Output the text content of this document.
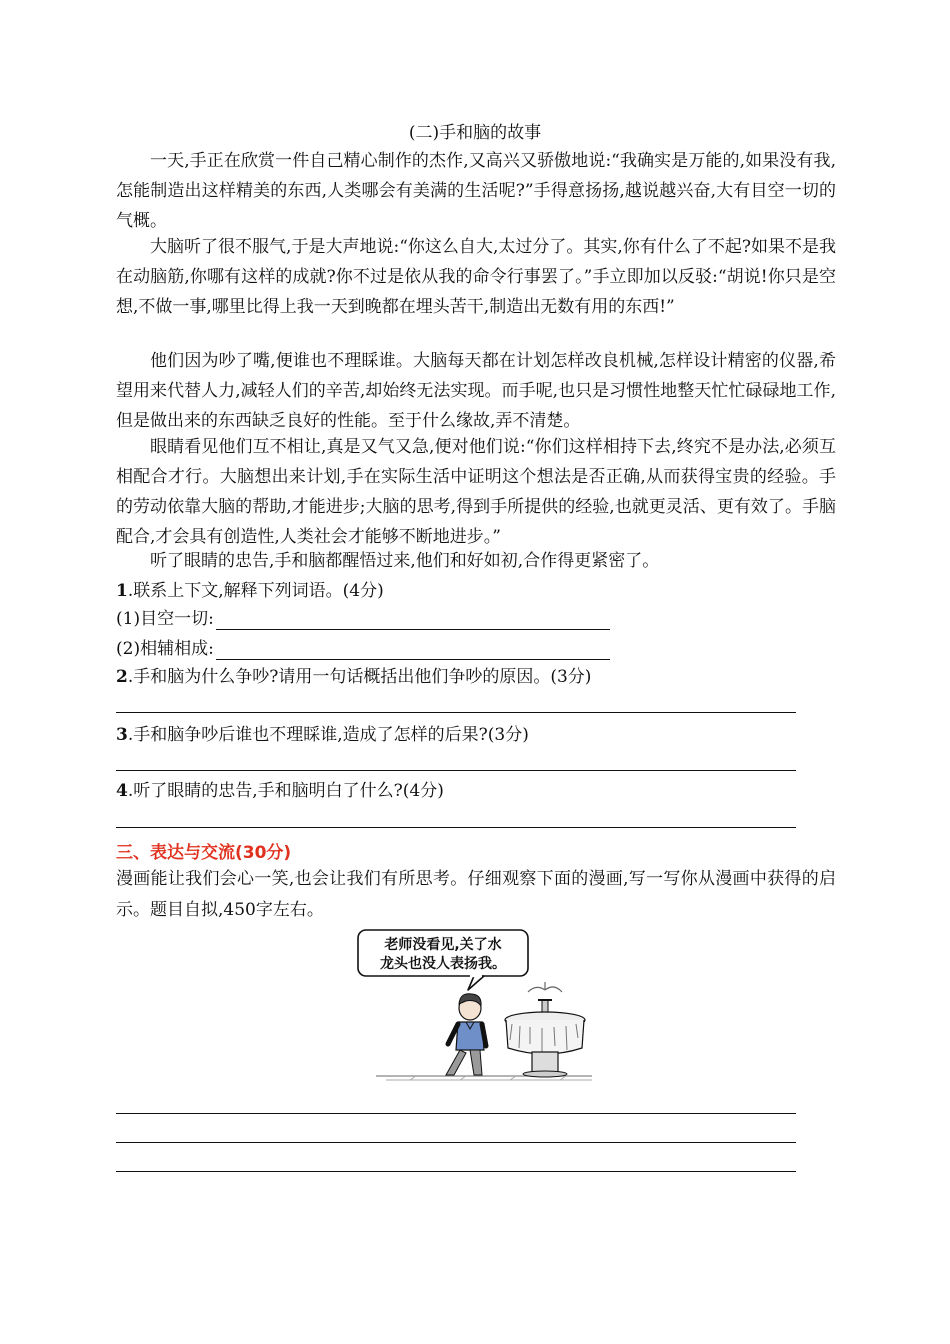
(二)手和脑的故事

一天,手正在欣赏一件自己精心制作的杰作,又高兴又骄傲地说:“我确实是万能的,如果没有我,怎能制造出这样精美的东西,人类哪会有美满的生活呢?”手得意扬扬,越说越兴奋,大有目空一切的气概。

大脑听了很不服气,于是大声地说:“你这么自大,太过分了。其实,你有什么了不起?如果不是我在动脑筋,你哪有这样的成就?你不过是依从我的命令行事罢了。”手立即加以反驳:“胡说!你只是空想,不做一事,哪里比得上我一天到晚都在埋头苦干,制造出无数有用的东西!”

他们因为吵了嘴,便谁也不理睬谁。大脑每天都在计划怎样改良机械,怎样设计精密的仪器,希望用来代替人力,减轻人们的辛苦,却始终无法实现。而手呢,也只是习惯性地整天忙忙碌碌地工作,但是做出来的东西缺乏良好的性能。至于什么缘故,弄不清楚。

眼睛看见他们互不相让,真是又气又急,便对他们说:“你们这样相持下去,终究不是办法,必须互相配合才行。大脑想出来计划,手在实际生活中证明这个想法是否正确,从而获得宝贵的经验。手的劳动依靠大脑的帮助,才能进步;大脑的思考,得到手所提供的经验,也就更灵活、更有效了。手脑配合,才会具有创造性,人类社会才能够不断地进步。”

听了眼睛的忠告,手和脑都醒悟过来,他们和好如初,合作得更紧密了。

1.联系上下文,解释下列词语。(4分)
(1)目空一切:
(2)相辅相成:
2.手和脑为什么争吵?请用一句话概括出他们争吵的原因。(3分)
3.手和脑争吵后谁也不理睬谁,造成了怎样的后果?(3分)
4.听了眼睛的忠告,手和脑明白了什么?(4分)
三、表达与交流(30分)

漫画能让我们会心一笑,也会让我们有所思考。仔细观察下面的漫画,写一写你从漫画中获得的启示。题目自拟,450字左右。

老师没看见,关了水
龙头也没人表扬我。
